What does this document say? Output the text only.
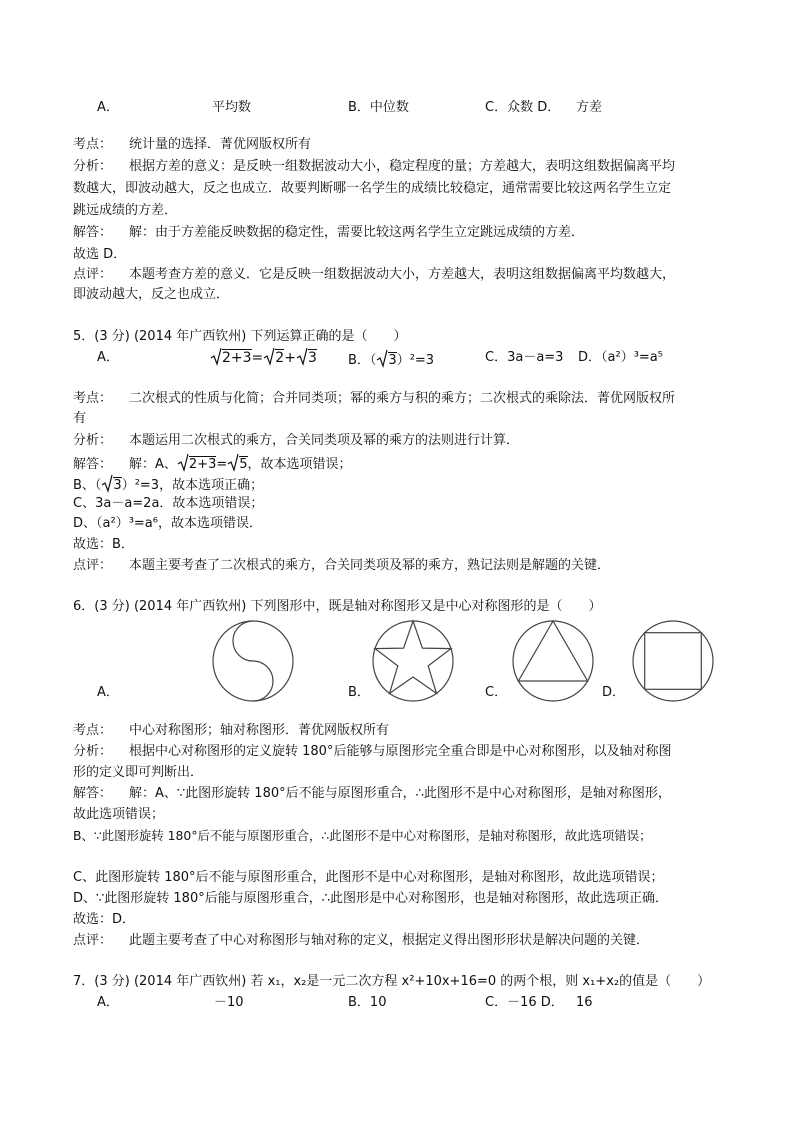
A．	平均数	B．中位数	C．众数 D． 方差
考点： 统计量的选择．菁优网版权所有
分析： 根据方差的意义：是反映一组数据波动大小，稳定程度的量；方差越大，表明这组数据偏离平均
数越大，即波动越大，反之也成立．故要判断哪一名学生的成绩比较稳定，通常需要比较这两名学生立定
跳远成绩的方差．
解答： 解：由于方差能反映数据的稳定性，需要比较这两名学生立定跳远成绩的方差．
故选 D．
点评： 本题考查方差的意义．它是反映一组数据波动大小，方差越大，表明这组数据偏离平均数越大，
即波动越大，反之也成立．
5．(3 分) (2014 年广西钦州) 下列运算正确的是（　　）
A．	2+3= 2+ 3 B．（ 3）²=3	C．3a－a=3 D．（a²）³=a⁵
考点： 二次根式的性质与化简；合并同类项；幂的乘方与积的乘方；二次根式的乘除法．菁优网版权所
有
分析： 本题运用二次根式的乘方，合关同类项及幂的乘方的法则进行计算．
解答： 解：A、 2+3= 5，故本选项错误；
B、（ 3）²=3，故本选项正确；
C、3a－a=2a．故本选项错误；
D、（a²）³=a⁶，故本选项错误．
故选：B．
点评： 本题主要考查了二次根式的乘方，合关同类项及幂的乘方，熟记法则是解题的关键．
6．(3 分) (2014 年广西钦州) 下列图形中，既是轴对称图形又是中心对称图形的是（　　）
A．	B．	C．	D．
考点： 中心对称图形；轴对称图形．菁优网版权所有
分析： 根据中心对称图形的定义旋转 180°后能够与原图形完全重合即是中心对称图形，以及轴对称图
形的定义即可判断出．
解答： 解：A、∵此图形旋转 180°后不能与原图形重合，∴此图形不是中心对称图形，是轴对称图形，
故此选项错误；
B、∵此图形旋转 180°后不能与原图形重合，∴此图形不是中心对称图形，是轴对称图形，故此选项错误；
C、此图形旋转 180°后不能与原图形重合，此图形不是中心对称图形，是轴对称图形，故此选项错误；
D、∵此图形旋转 180°后能与原图形重合，∴此图形是中心对称图形，也是轴对称图形，故此选项正确．
故选：D．
点评： 此题主要考查了中心对称图形与轴对称的定义，根据定义得出图形形状是解决问题的关键．
7．(3 分) (2014 年广西钦州) 若 x₁，x₂是一元二次方程 x²+10x+16=0 的两个根，则 x₁+x₂的值是（　　）
A．	－10	B．10	C．－16 D． 16
